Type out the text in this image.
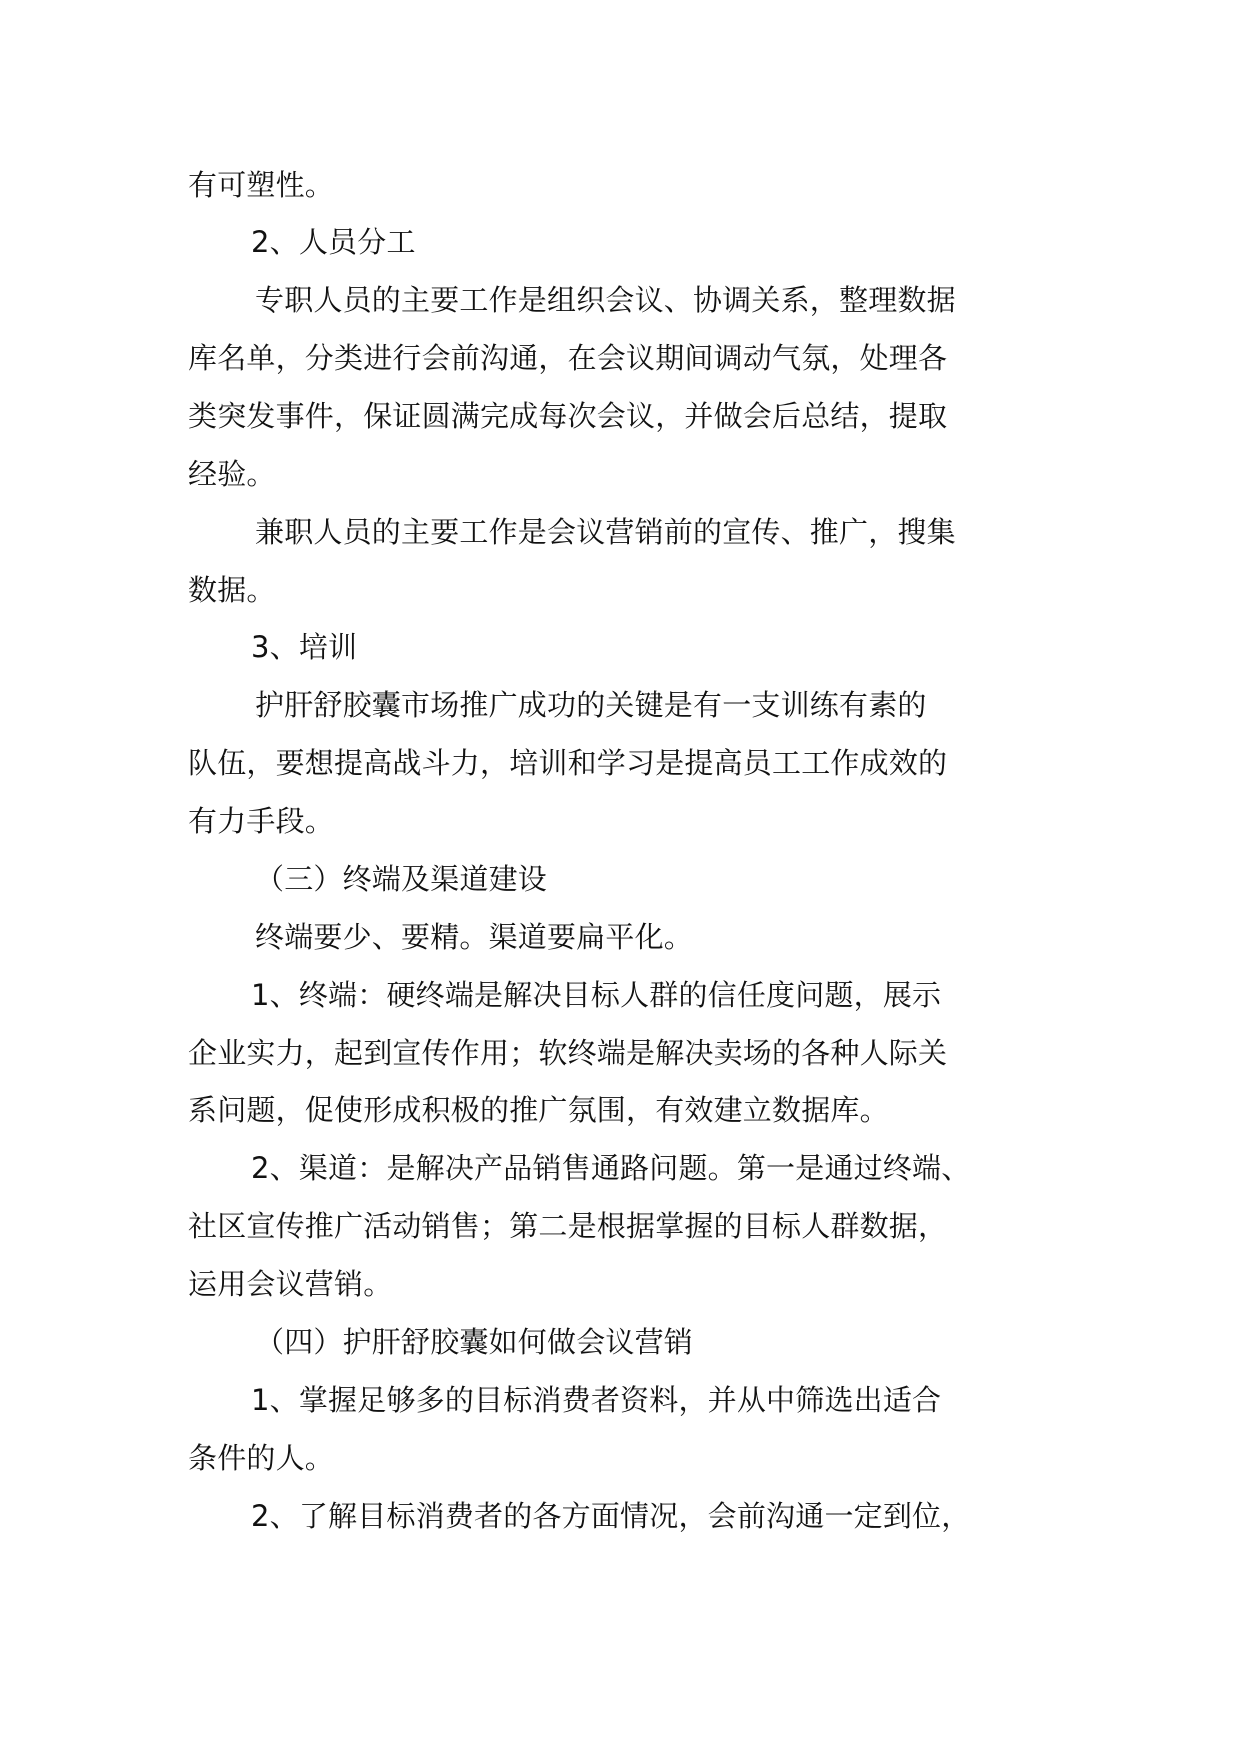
有可塑性。
2、人员分工
专职人员的主要工作是组织会议、协调关系，整理数据
库名单，分类进行会前沟通，在会议期间调动气氛，处理各
类突发事件，保证圆满完成每次会议，并做会后总结，提取
经验。
兼职人员的主要工作是会议营销前的宣传、推广，搜集
数据。
3、培训
护肝舒胶囊市场推广成功的关键是有一支训练有素的
队伍，要想提高战斗力，培训和学习是提高员工工作成效的
有力手段。
（三）终端及渠道建设
终端要少、要精。渠道要扁平化。
1、终端：硬终端是解决目标人群的信任度问题，展示
企业实力，起到宣传作用；软终端是解决卖场的各种人际关
系问题，促使形成积极的推广氛围，有效建立数据库。
2、渠道：是解决产品销售通路问题。第一是通过终端、
社区宣传推广活动销售；第二是根据掌握的目标人群数据，
运用会议营销。
（四）护肝舒胶囊如何做会议营销
1、掌握足够多的目标消费者资料，并从中筛选出适合
条件的人。
2、了解目标消费者的各方面情况，会前沟通一定到位，
